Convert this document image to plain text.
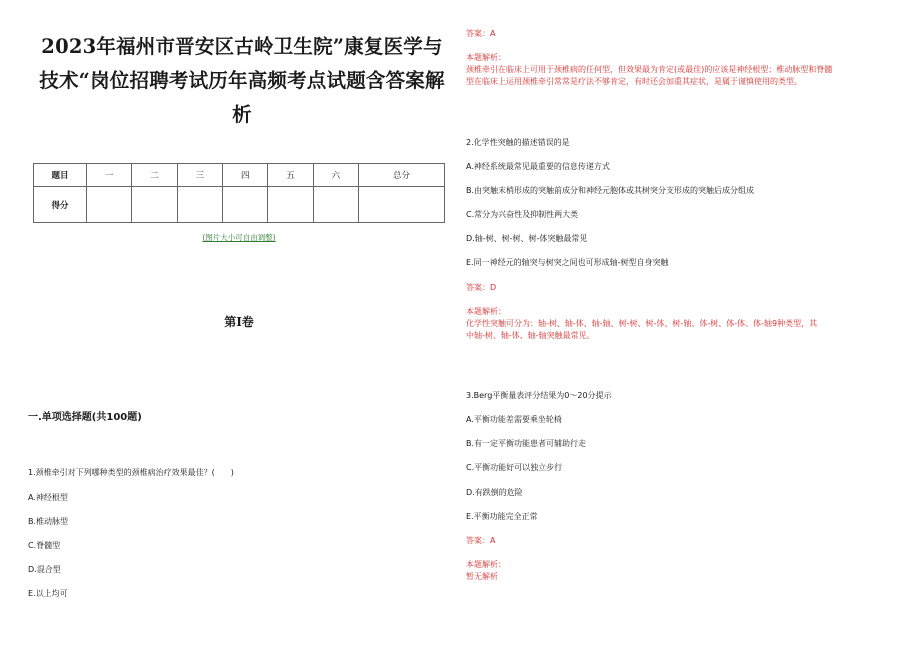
2023年福州市晋安区古岭卫生院”康复医学与
技术“岗位招聘考试历年高频考点试题含答案解
析

题目	一	二	三	四	五	六	总分
得分							
(图片大小可自由调整)
第I卷
一.单项选择题(共100题)
1.颈椎牵引对下列哪种类型的颈椎病治疗效果最佳？(　　)
A.神经根型
B.椎动脉型
C.脊髓型
D.混合型
E.以上均可
答案：A
本题解析：
颈椎牵引在临床上可用于颈椎病的任何型，但效果最为肯定(或最佳)的应该是神经根型；椎动脉型和脊髓
型在临床上运用颈椎牵引常常是疗法不够肯定，有时还会加重其症状，是属于谨慎使用的类型。
2.化学性突触的描述错误的是
A.神经系统最常见最重要的信息传递方式
B.由突触末梢形成的突触前成分和神经元胞体或其树突分支形成的突触后成分组成
C.常分为兴奋性及抑制性两大类
D.轴-树、树-树、树-体突触最常见
E.同一神经元的轴突与树突之间也可形成轴-树型自身突触
答案：D
本题解析：
化学性突触可分为：轴-树、轴-体、轴-轴、树-树、树-体、树-轴、体-树、体-体、体-轴9种类型，其
中轴-树、轴-体、轴-轴突触最常见。
3.Berg平衡量表评分结果为0～20分提示
A.平衡功能差需要乘坐轮椅
B.有一定平衡功能患者可辅助行走
C.平衡功能好可以独立步行
D.有跌倒的危险
E.平衡功能完全正常
答案：A
本题解析：
暂无解析
